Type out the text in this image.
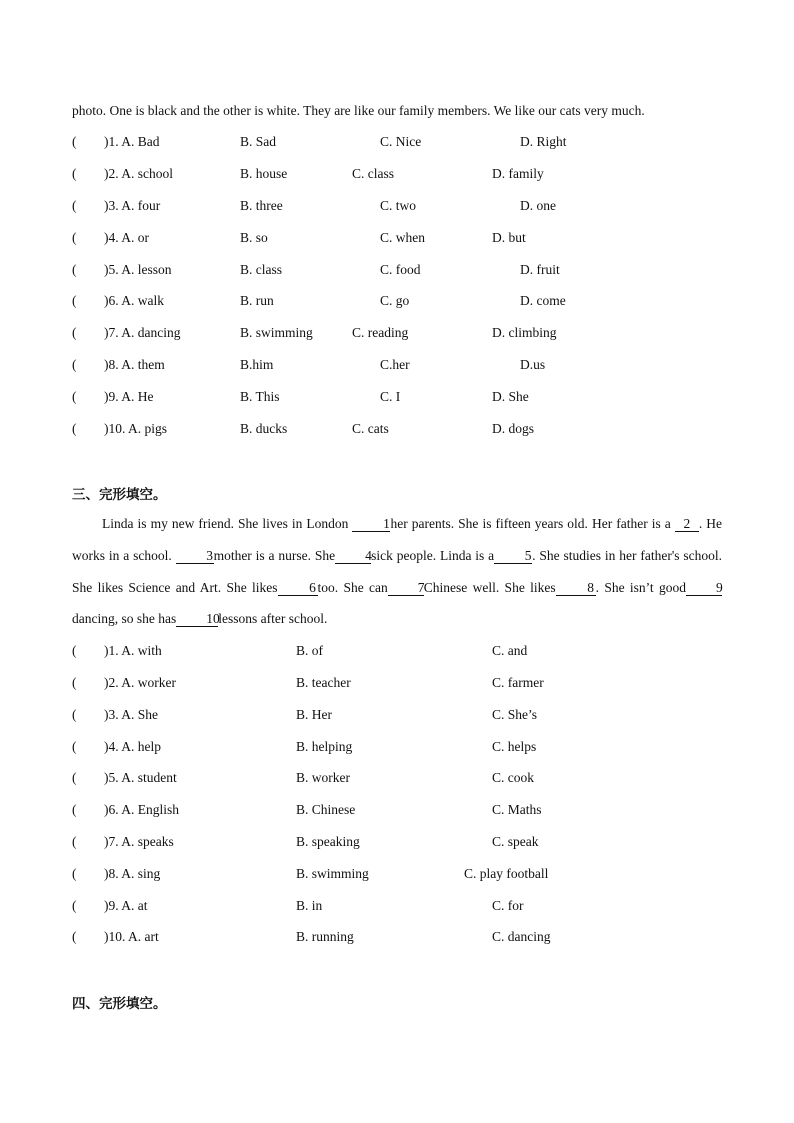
photo. One is black and the other is white. They are like our family members. We like our cats very much.
( )1. A. Bad	B. Sad	C. Nice	D. Right
( )2. A. school	B. house	C. class	D. family
( )3. A. four	B. three	C. two	D. one
( )4. A. or	B. so	C. when	D. but
( )5. A. lesson	B. class	C. food	D. fruit
( )6. A. walk	B. run	C. go	D. come
( )7. A. dancing	B. swimming	C. reading	D. climbing
( )8. A. them	B.him	C.her	D.us
( )9. A. He	B. This	C. I	D. She
( )10. A. pigs	B. ducks	C. cats	D. dogs
三、完形填空。
Linda is my new friend. She lives in London 1her parents. She is fifteen years old. Her father is a 2 . He works in a school. 3mother is a nurse. She 4sick people. Linda is a 5. She studies in her father's school. She likes Science and Art. She likes 6 too. She can 7Chinese well. She likes 8 . She isn’t good 9dancing, so she has 10lessons after school.
( )1. A. with	B. of	C. and
( )2. A. worker	B. teacher	C. farmer
( )3. A. She	B. Her	C. She’s
( )4. A. help	B. helping	C. helps
( )5. A. student	B. worker	C. cook
( )6. A. English	B. Chinese	C. Maths
( )7. A. speaks	B. speaking	C. speak
( )8. A. sing	B. swimming	C. play football
( )9. A. at	B. in	C. for
( )10. A. art	B. running	C. dancing
四、完形填空。
